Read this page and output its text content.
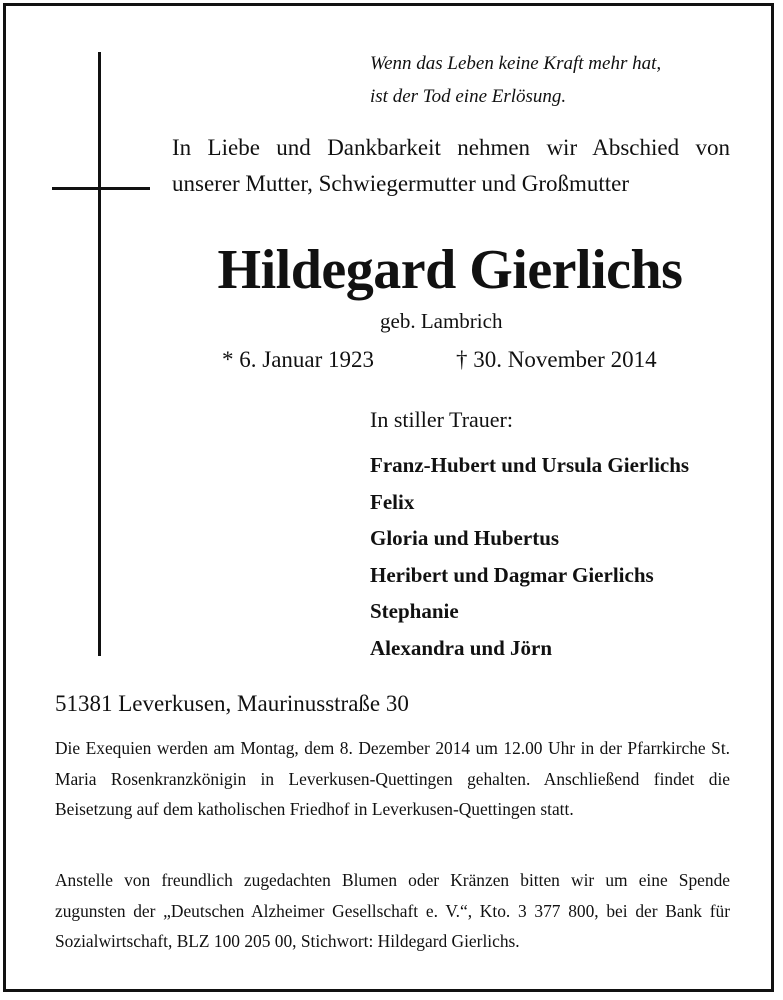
Wenn das Leben keine Kraft mehr hat,
ist der Tod eine Erlösung.
In Liebe und Dankbarkeit nehmen wir Abschied von
unserer Mutter, Schwiegermutter und Großmutter
Hildegard Gierlichs
geb. Lambrich
* 6. Januar 1923	† 30. November 2014
In stiller Trauer:
Franz-Hubert und Ursula Gierlichs
Felix
Gloria und Hubertus
Heribert und Dagmar Gierlichs
Stephanie
Alexandra und Jörn
51381 Leverkusen, Maurinusstraße 30
Die Exequien werden am Montag, dem 8. Dezember 2014 um 12.00 Uhr in der Pfarrkirche St. Maria Rosenkranzkönigin in Leverkusen-Quettingen gehalten. Anschließend findet die Beisetzung auf dem katholischen Friedhof in Leverkusen-Quettingen statt.
Anstelle von freundlich zugedachten Blumen oder Kränzen bitten wir um eine Spende zugunsten der „Deutschen Alzheimer Gesellschaft e. V.“, Kto. 3 377 800, bei der Bank für Sozialwirtschaft, BLZ 100 205 00, Stichwort: Hildegard Gierlichs.
